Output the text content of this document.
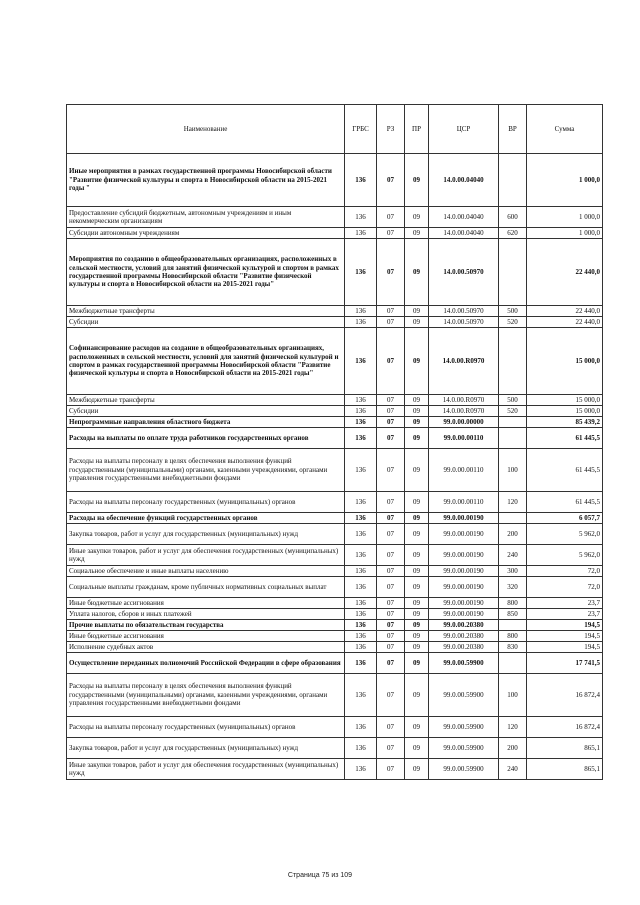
Наименование	ГРБС	РЗ	ПР	ЦСР	ВР	Сумма
Иные мероприятия в рамках государственной программы Новосибирской области "Развитие физической культуры и спорта в Новосибирской области на 2015-2021 годы "	136	07	09	14.0.00.04040		1 000,0
Предоставление субсидий бюджетным, автономным учреждениям и иным некоммерческим организациям	136	07	09	14.0.00.04040	600	1 000,0
Субсидии автономным учреждениям	136	07	09	14.0.00.04040	620	1 000,0
Мероприятия по созданию в общеобразовательных организациях, расположенных в сельской местности, условий для занятий физической культурой и спортом в рамках государственной программы Новосибирской области "Развитие физической культуры и спорта в Новосибирской области на 2015-2021 годы"	136	07	09	14.0.00.50970		22 440,0
Межбюджетные трансферты	136	07	09	14.0.00.50970	500	22 440,0
Субсидии	136	07	09	14.0.00.50970	520	22 440,0
Софинансирование расходов на создание в общеобразовательных организациях, расположенных в сельской местности, условий для занятий физической культурой и спортом в рамках государственной программы Новосибирской области "Развитие физической культуры и спорта в Новосибирской области на 2015-2021 годы"	136	07	09	14.0.00.R0970		15 000,0
Межбюджетные трансферты	136	07	09	14.0.00.R0970	500	15 000,0
Субсидии	136	07	09	14.0.00.R0970	520	15 000,0
Непрограммные направления областного бюджета	136	07	09	99.0.00.00000		85 439,2
Расходы на выплаты по оплате труда работников государственных органов	136	07	09	99.0.00.00110		61 445,5
Расходы на выплаты персоналу в целях обеспечения выполнения функций государственными (муниципальными) органами, казенными учреждениями, органами управления государственными внебюджетными фондами	136	07	09	99.0.00.00110	100	61 445,5
Расходы на выплаты персоналу государственных (муниципальных) органов	136	07	09	99.0.00.00110	120	61 445,5
Расходы на обеспечение функций государственных органов	136	07	09	99.0.00.00190		6 057,7
Закупка товаров, работ и услуг для государственных (муниципальных) нужд	136	07	09	99.0.00.00190	200	5 962,0
Иные закупки товаров, работ и услуг для обеспечения государственных (муниципальных) нужд	136	07	09	99.0.00.00190	240	5 962,0
Социальное обеспечение и иные выплаты населению	136	07	09	99.0.00.00190	300	72,0
Социальные выплаты гражданам, кроме публичных нормативных социальных выплат	136	07	09	99.0.00.00190	320	72,0
Иные бюджетные ассигнования	136	07	09	99.0.00.00190	800	23,7
Уплата налогов, сборов и иных платежей	136	07	09	99.0.00.00190	850	23,7
Прочие выплаты по обязательствам государства	136	07	09	99.0.00.20380		194,5
Иные бюджетные ассигнования	136	07	09	99.0.00.20380	800	194,5
Исполнение судебных актов	136	07	09	99.0.00.20380	830	194,5
Осуществление переданных полномочий Российской Федерации в сфере образования	136	07	09	99.0.00.59900		17 741,5
Расходы на выплаты персоналу в целях обеспечения выполнения функций государственными (муниципальными) органами, казенными учреждениями, органами управления государственными внебюджетными фондами	136	07	09	99.0.00.59900	100	16 872,4
Расходы на выплаты персоналу государственных (муниципальных) органов	136	07	09	99.0.00.59900	120	16 872,4
Закупка товаров, работ и услуг для государственных (муниципальных) нужд	136	07	09	99.0.00.59900	200	865,1
Иные закупки товаров, работ и услуг для обеспечения государственных (муниципальных) нужд	136	07	09	99.0.00.59900	240	865,1
Страница 75 из 109
